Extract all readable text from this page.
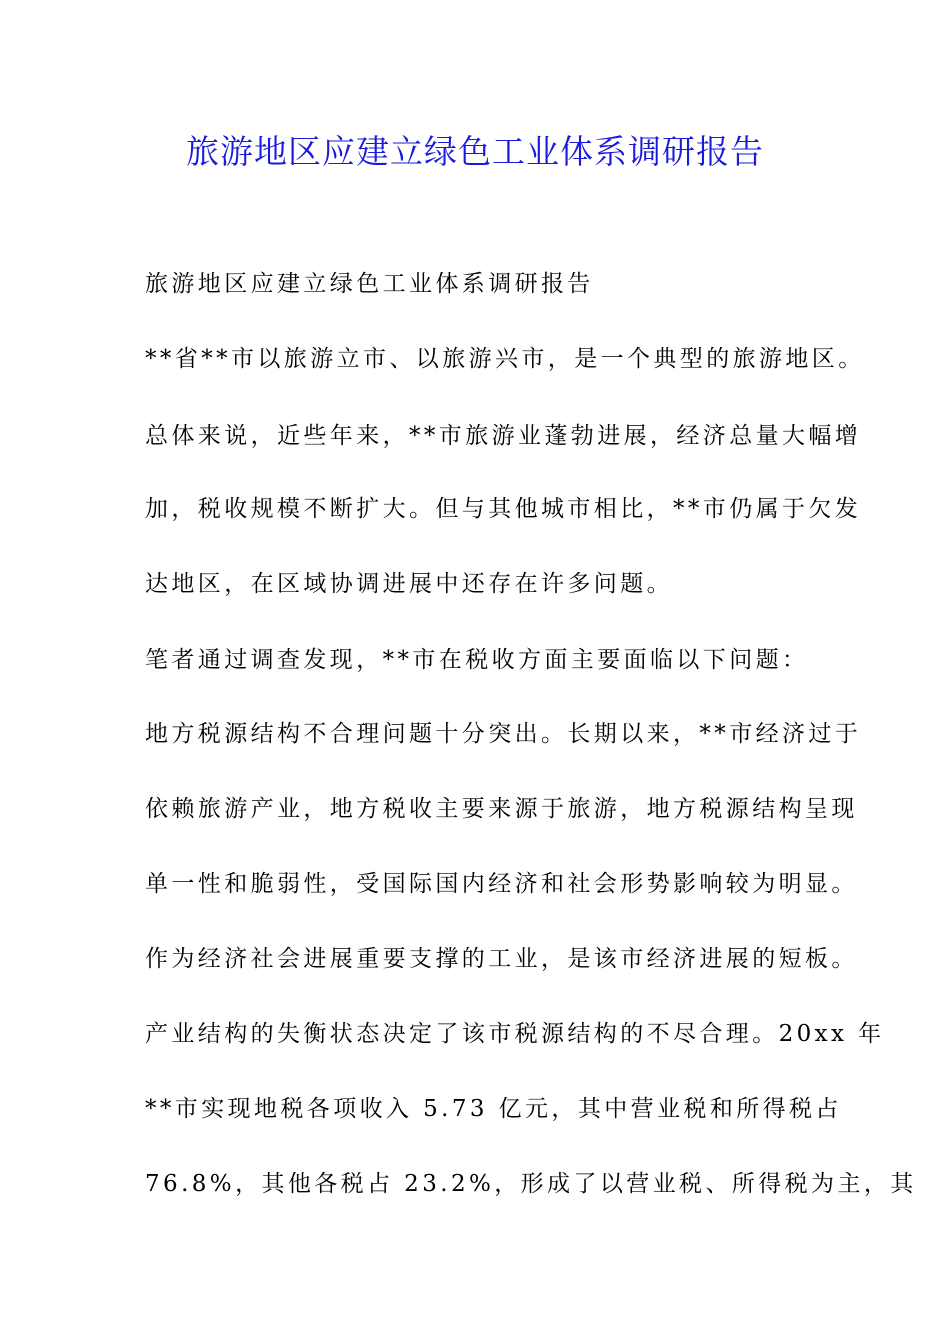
旅游地区应建立绿色工业体系调研报告

旅游地区应建立绿色工业体系调研报告

**省**市以旅游立市、以旅游兴市，是一个典型的旅游地区。

总体来说，近些年来，**市旅游业蓬勃进展，经济总量大幅增

加，税收规模不断扩大。但与其他城市相比，**市仍属于欠发

达地区，在区域协调进展中还存在许多问题。

笔者通过调查发现，**市在税收方面主要面临以下问题：

地方税源结构不合理问题十分突出。长期以来，**市经济过于

依赖旅游产业，地方税收主要来源于旅游，地方税源结构呈现

单一性和脆弱性，受国际国内经济和社会形势影响较为明显。

作为经济社会进展重要支撑的工业，是该市经济进展的短板。

产业结构的失衡状态决定了该市税源结构的不尽合理。20xx 年

**市实现地税各项收入 5.73 亿元，其中营业税和所得税占

76.8%，其他各税占 23.2%，形成了以营业税、所得税为主，其
